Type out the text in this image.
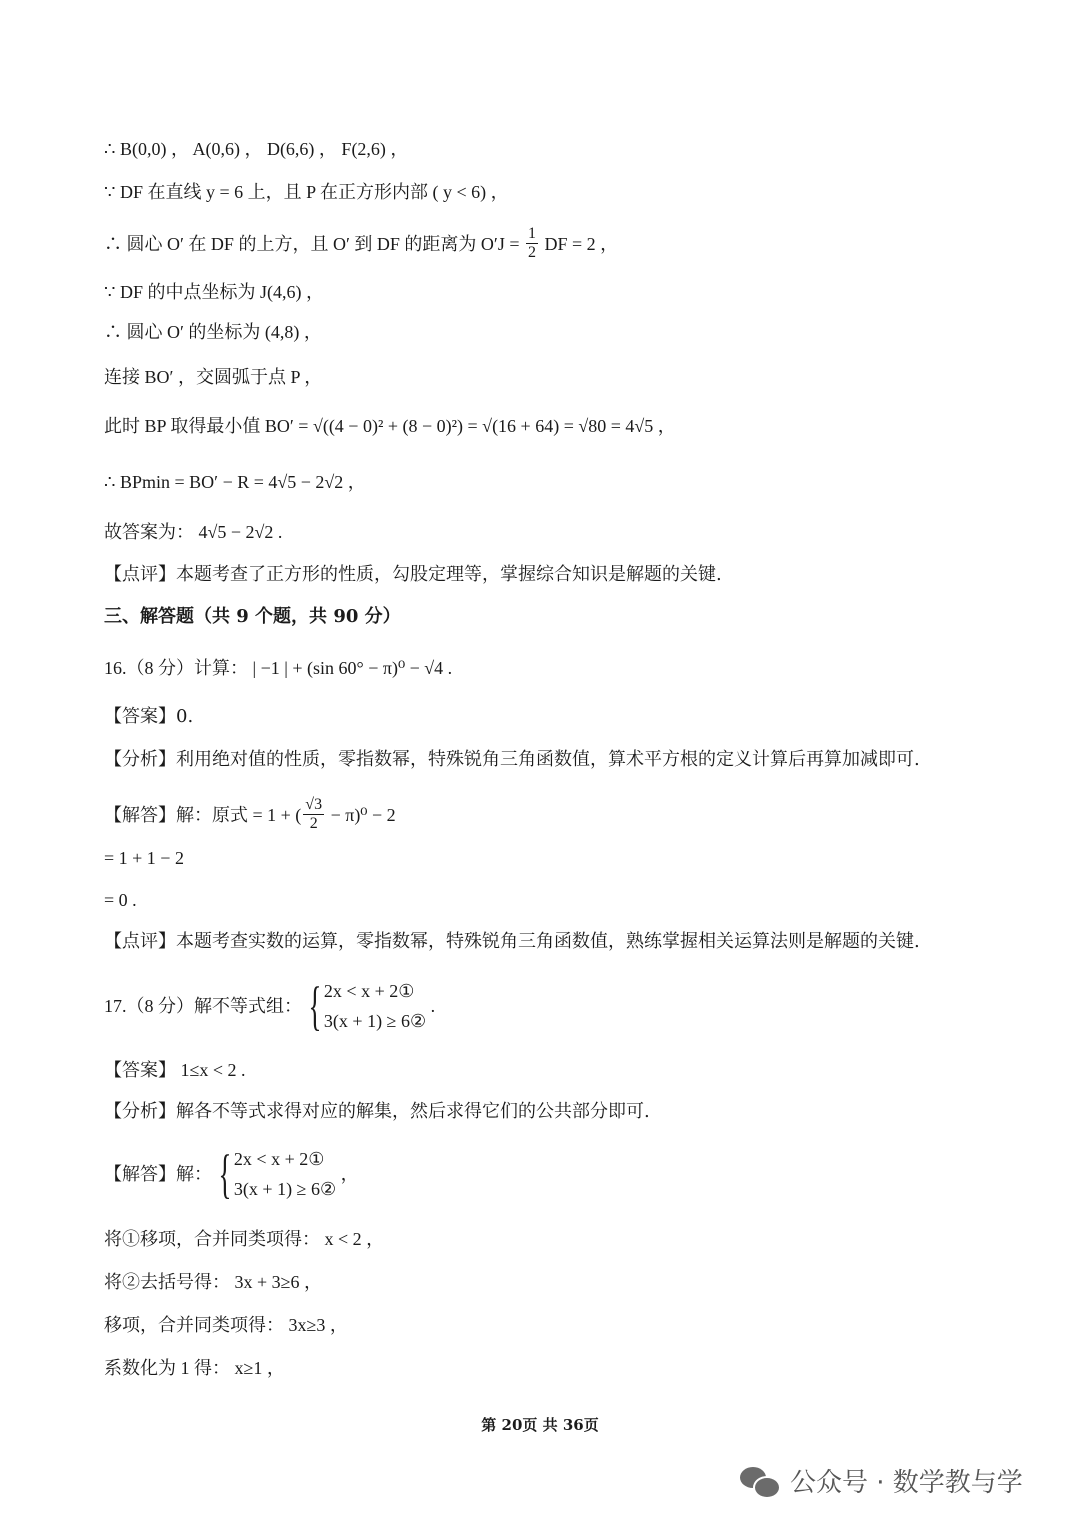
∴ B(0,0) ， A(0,6) ， D(6,6) ， F(2,6) ，
∵ DF 在直线 y = 6 上，且 P 在正方形内部 ( y < 6) ，
∴ 圆心 O′ 在 DF 的上方，且 O′ 到 DF 的距离为 $O'J = \frac{1}{2}$ DF = 2 ，
∵ DF 的中点坐标为 J(4,6) ，
∴ 圆心 O′ 的坐标为 (4,8) ，
连接 BO′ ，交圆弧于点 P ，
此时 BP 取得最小值 BO′ = √((4 − 0)² + (8 − 0)²) = √(16 + 64) = √80 = 4√5 ，
∴ BPmin = BO′ − R = 4√5 − 2√2 ，
故答案为： 4√5 − 2√2 .
【点评】本题考查了正方形的性质，勾股定理等，掌握综合知识是解题的关键.
三、解答题（共 9 个题，共 90 分）
16.（8 分）计算： | −1 | + (sin 60° − π)⁰ − √4 .
【答案】0.
【分析】利用绝对值的性质，零指数幂，特殊锐角三角函数值，算术平方根的定义计算后再算加减即可.
【解答】解：原式 = 1 + ( $\frac{√3}{2} - \pi)^0 - 2$
= 1 + 1 − 2
= 0 .
【点评】本题考查实数的运算，零指数幂，特殊锐角三角函数值，熟练掌握相关运算法则是解题的关键.
17.（8 分）解不等式组： { 2x < x + 2①
3(x + 1) ≥ 6②
.
【答案】 1≤x < 2 .
【分析】解各不等式求得对应的解集，然后求得它们的公共部分即可.
【解答】解： { 2x < x + 2①
3(x + 1) ≥ 6②
，
将①移项，合并同类项得： x < 2 ，
将②去括号得： 3x + 3≥6 ，
移项，合并同类项得： 3x≥3 ，
系数化为 1 得： x≥1 ，
第 20页 共 36页
公众号 · 数学教与学
